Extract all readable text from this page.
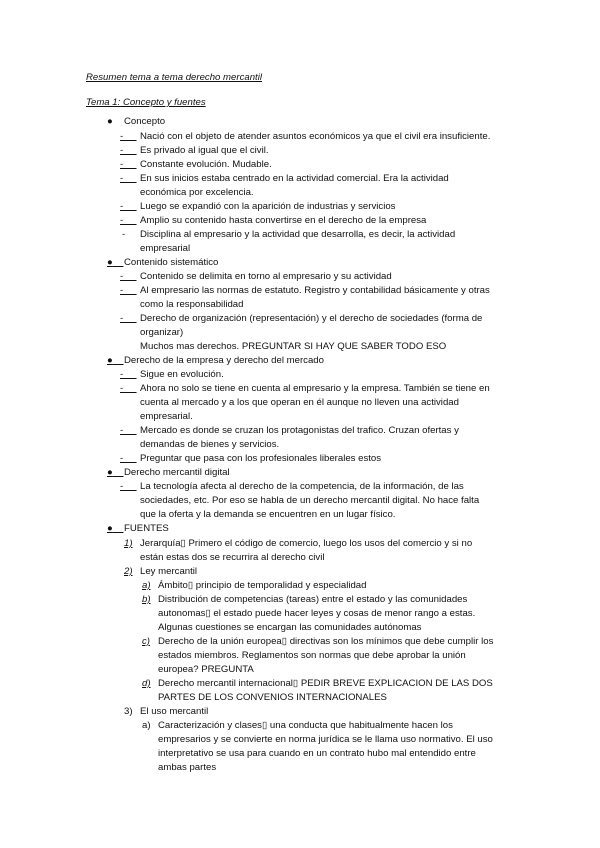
Resumen tema a tema derecho mercantil
Tema 1: Concepto y fuentes
● Concepto
- Nació con el objeto de atender asuntos económicos ya que el civil era insuficiente.
- Es privado al igual que el civil.
- Constante evolución. Mudable.
- En sus inicios estaba centrado en la actividad comercial. Era la actividad
económica por excelencia.
- Luego se expandió con la aparición de industrias y servicios
- Amplio su contenido hasta convertirse en el derecho de la empresa
- Disciplina al empresario y la actividad que desarrolla, es decir, la actividad
empresarial
●	Contenido sistemático
- Contenido se delimita en torno al empresario y su actividad
- Al empresario las normas de estatuto. Registro y contabilidad básicamente y otras
como la responsabilidad
- Derecho de organización (representación) y el derecho de sociedades (forma de
organizar)
Muchos mas derechos. PREGUNTAR SI HAY QUE SABER TODO ESO
●	Derecho de la empresa y derecho del mercado
- Sigue en evolución.
- Ahora no solo se tiene en cuenta al empresario y la empresa. También se tiene en
cuenta al mercado y a los que operan en él aunque no lleven una actividad
empresarial.
- Mercado es donde se cruzan los protagonistas del trafico. Cruzan ofertas y
demandas de bienes y servicios.
- Preguntar que pasa con los profesionales liberales estos
●	Derecho mercantil digital
- La tecnología afecta al derecho de la competencia, de la información, de las
sociedades, etc. Por eso se habla de un derecho mercantil digital. No hace falta
que la oferta y la demanda se encuentren en un lugar físico.
●	FUENTES
1) Jerarquía▯ Primero el código de comercio, luego los usos del comercio y si no
están estas dos se recurrira al derecho civil
2) Ley mercantil
a) Ámbito▯ principio de temporalidad y especialidad
b) Distribución de competencias (tareas) entre el estado y las comunidades
autonomas▯ el estado puede hacer leyes y cosas de menor rango a estas.
Algunas cuestiones se encargan las comunidades autónomas
c) Derecho de la unión europea▯ directivas son los mínimos que debe cumplir los
estados miembros. Reglamentos son normas que debe aprobar la unión
europea? PREGUNTA
d) Derecho mercantil internacional▯ PEDIR BREVE EXPLICACION DE LAS DOS
PARTES DE LOS CONVENIOS INTERNACIONALES
3) El uso mercantil
a) Caracterización y clases▯ una conducta que habitualmente hacen los
empresarios y se convierte en norma jurídica se le llama uso normativo. El uso
interpretativo se usa para cuando en un contrato hubo mal entendido entre
ambas partes
